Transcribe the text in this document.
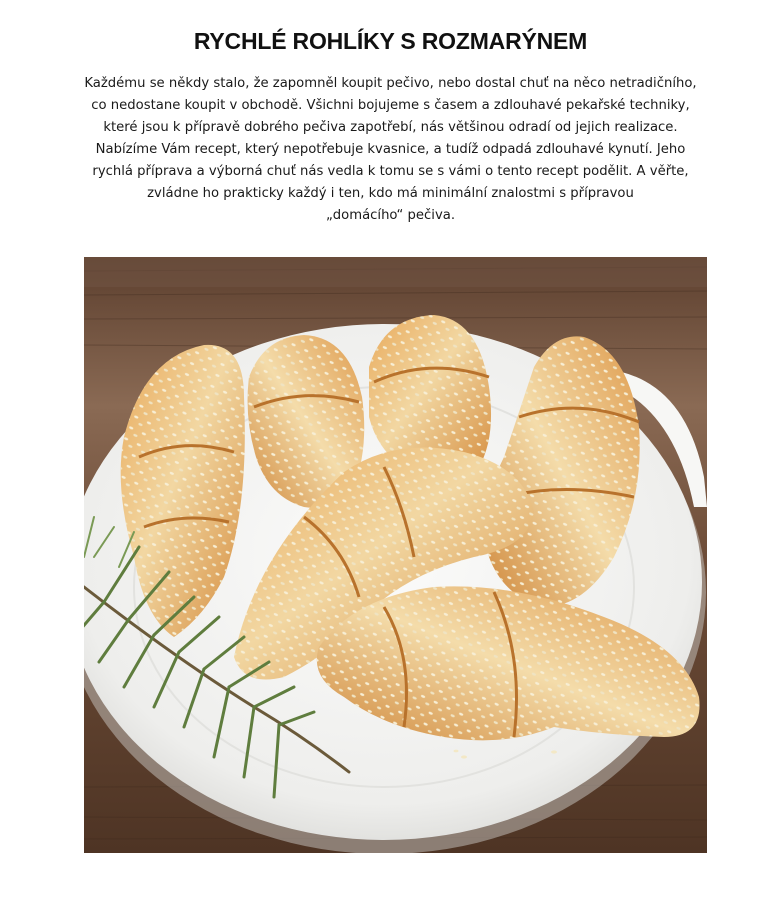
RYCHLÉ ROHLÍKY S ROZMARÝNEM
Každému se někdy stalo, že zapomněl koupit pečivo, nebo dostal chuť na něco netradičního,
co nedostane koupit v obchodě. Všichni bojujeme s časem a zdlouhavé pekařské techniky,
které jsou k přípravě dobrého pečiva zapotřebí, nás většinou odradí od jejich realizace.
Nabízíme Vám recept, který nepotřebuje kvasnice, a tudíž odpadá zdlouhavé kynutí. Jeho
rychlá příprava a výborná chuť nás vedla k tomu se s vámi o tento recept podělit. A věřte,
zvládne ho prakticky každý i ten, kdo má minimální znalostmi s přípravou
„domácího“ pečiva.
